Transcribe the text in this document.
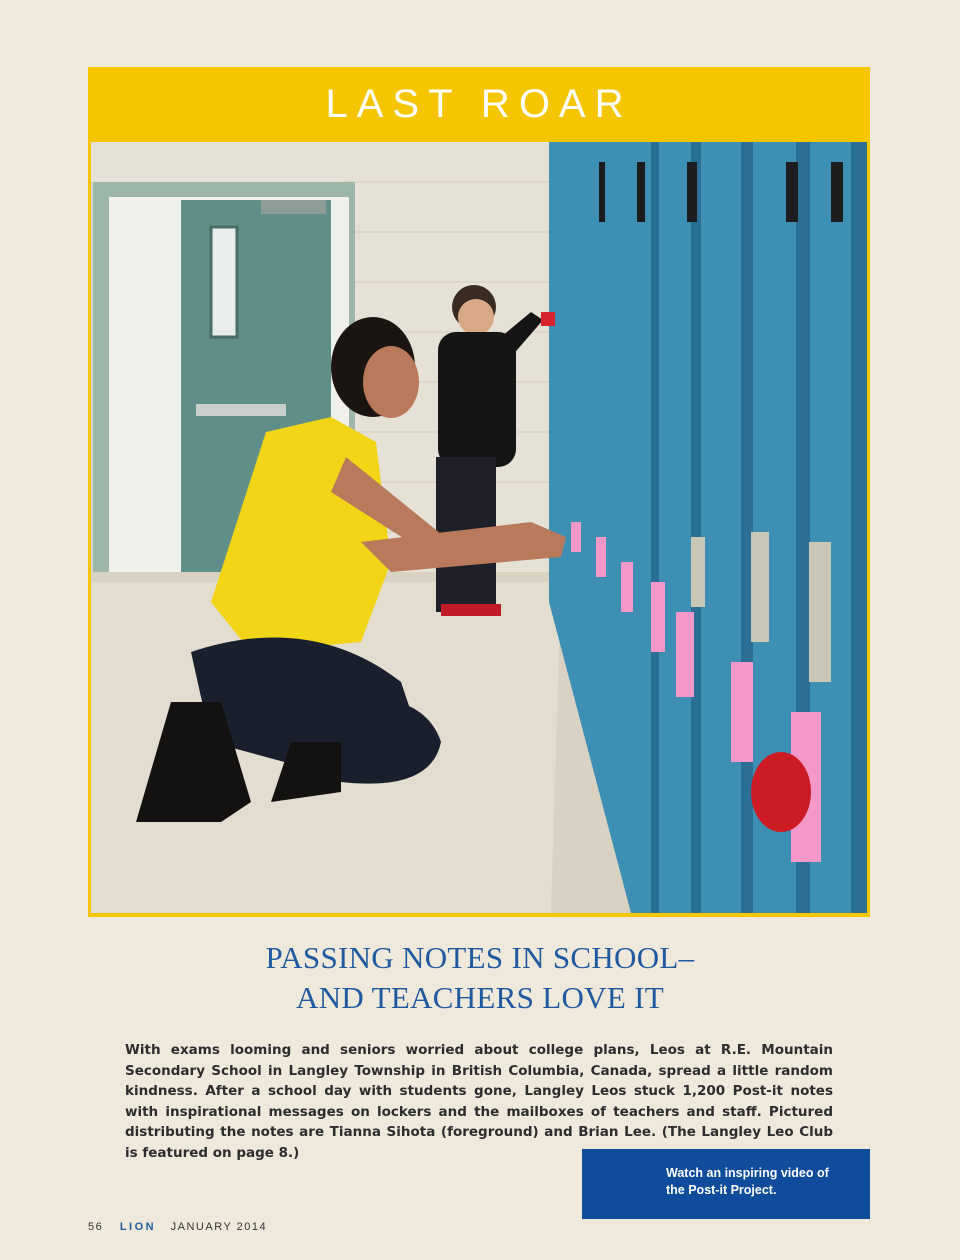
LAST ROAR
PASSING NOTES IN SCHOOL–
AND TEACHERS LOVE IT
With exams looming and seniors worried about college plans, Leos at R.E. Mountain Secondary School in Langley Township in British Columbia, Canada, spread a little random kindness. After a school day with students gone, Langley Leos stuck 1,200 Post-it notes with inspirational messages on lockers and the mailboxes of teachers and staff. Pictured distributing the notes are Tianna Sihota (foreground) and Brian Lee. (The Langley Leo Club is featured on page 8.)
Watch an inspiring video of the Post-it Project.
56 LION JANUARY 2014
